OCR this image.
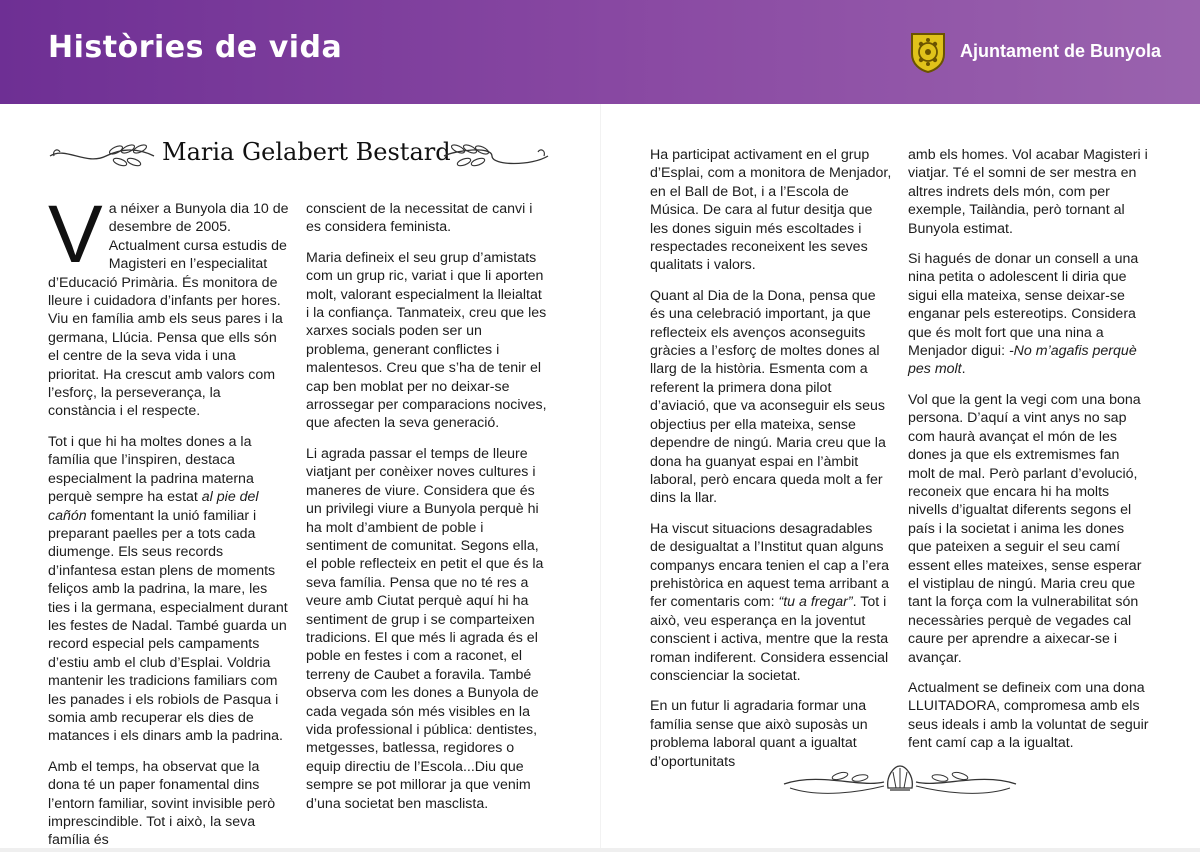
Històries de vida	Ajuntament de Bunyola
Maria Gelabert Bestard

Va néixer a Bunyola dia 10 de desembre de 2005. Actualment cursa estudis de Magisteri en l’especialitat d’Educació Primària. És monitora de lleure i cuidadora d’infants per hores. Viu en família amb els seus pares i la germana, Llúcia. Pensa que ells són el centre de la seva vida i una prioritat. Ha crescut amb valors com l’esforç, la perseverança, la constància i el respecte.

Tot i que hi ha moltes dones a la família que l’inspiren, destaca especialment la padrina materna perquè sempre ha estat al pie del cañón fomentant la unió familiar i preparant paelles per a tots cada diumenge. Els seus records d’infantesa estan plens de moments feliços amb la padrina, la mare, les ties i la germana, especialment durant les festes de Nadal. També guarda un record especial pels campaments d’estiu amb el club d’Esplai. Voldria mantenir les tradicions familiars com les panades i els robiols de Pasqua i somia amb recuperar els dies de matances i els dinars amb la padrina.

Amb el temps, ha observat que la dona té un paper fonamental dins l’entorn familiar, sovint invisible però imprescindible. Tot i això, la seva família és

conscient de la necessitat de canvi i es considera feminista.

Maria defineix el seu grup d’amistats com un grup ric, variat i que li aporten molt, valorant especialment la lleialtat i la confiança. Tanmateix, creu que les xarxes socials poden ser un problema, generant conflictes i malentesos. Creu que s’ha de tenir el cap ben moblat per no deixar-se arrossegar per comparacions nocives, que afecten la seva generació.

Li agrada passar el temps de lleure viatjant per conèixer noves cultures i maneres de viure. Considera que és un privilegi viure a Bunyola perquè hi ha molt d’ambient de poble i sentiment de comunitat. Segons ella, el poble reflecteix en petit el que és la seva família. Pensa que no té res a veure amb Ciutat perquè aquí hi ha sentiment de grup i se comparteixen tradicions. El que més li agrada és el poble en festes i com a raconet, el terreny de Caubet a foravila. També observa com les dones a Bunyola de cada vegada són més visibles en la vida professional i pública: dentistes, metgesses, batlessa, regidores o equip directiu de l’Escola...Diu que sempre se pot millorar ja que venim d’una societat ben masclista.

Ha participat activament en el grup d’Esplai, com a monitora de Menjador, en el Ball de Bot, i a l’Escola de Música. De cara al futur desitja que les dones siguin més escoltades i respectades reconeixent les seves qualitats i valors.

Quant al Dia de la Dona, pensa que és una celebració important, ja que reflecteix els avenços aconseguits gràcies a l’esforç de moltes dones al llarg de la història. Esmenta com a referent la primera dona pilot d’aviació, que va aconseguir els seus objectius per ella mateixa, sense dependre de ningú. Maria creu que la dona ha guanyat espai en l’àmbit laboral, però encara queda molt a fer dins la llar.

Ha viscut situacions desagradables de desigualtat a l’Institut quan alguns companys encara tenien el cap a l’era prehistòrica en aquest tema arribant a fer comentaris com: “tu a fregar”. Tot i això, veu esperança en la joventut conscient i activa, mentre que la resta roman indiferent. Considera essencial conscienciar la societat.

En un futur li agradaria formar una família sense que això suposàs un problema laboral quant a igualtat d’oportunitats

amb els homes. Vol acabar Magisteri i viatjar. Té el somni de ser mestra en altres indrets dels món, com per exemple, Tailàndia, però tornant al Bunyola estimat.

Si hagués de donar un consell a una nina petita o adolescent li diria que sigui ella mateixa, sense deixar-se enganar pels estereotips. Considera que és molt fort que una nina a Menjador digui: -No m’agafis perquè pes molt.

Vol que la gent la vegi com una bona persona. D’aquí a vint anys no sap com haurà avançat el món de les dones ja que els extremismes fan molt de mal. Però parlant d’evolució, reconeix que encara hi ha molts nivells d’igualtat diferents segons el país i la societat i anima les dones que pateixen a seguir el seu camí essent elles mateixes, sense esperar el vistiplau de ningú. Maria creu que tant la força com la vulnerabilitat són necessàries perquè de vegades cal caure per aprendre a aixecar-se i avançar.

Actualment se defineix com una dona LLUITADORA, compromesa amb els seus ideals i amb la voluntat de seguir fent camí cap a la igualtat.
